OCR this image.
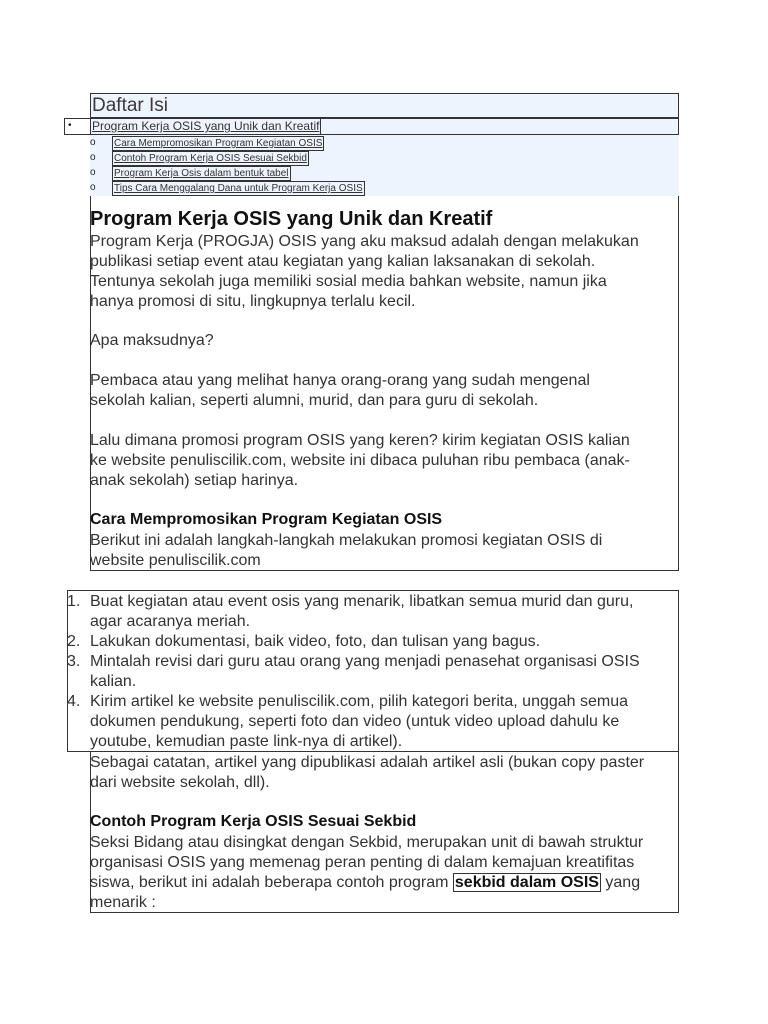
Daftar Isi
• Program Kerja OSIS yang Unik dan Kreatif
o Cara Mempromosikan Program Kegiatan OSIS
o Contoh Program Kerja OSIS Sesuai Sekbid
o Program Kerja Osis dalam bentuk tabel
o Tips Cara Menggalang Dana untuk Program Kerja OSIS
Program Kerja OSIS yang Unik dan Kreatif
Program Kerja (PROGJA) OSIS yang aku maksud adalah dengan melakukan
publikasi setiap event atau kegiatan yang kalian laksanakan di sekolah.
Tentunya sekolah juga memiliki sosial media bahkan website, namun jika
hanya promosi di situ, lingkupnya terlalu kecil.
Apa maksudnya?
Pembaca atau yang melihat hanya orang-orang yang sudah mengenal
sekolah kalian, seperti alumni, murid, dan para guru di sekolah.
Lalu dimana promosi program OSIS yang keren? kirim kegiatan OSIS kalian
ke website penuliscilik.com, website ini dibaca puluhan ribu pembaca (anak-
anak sekolah) setiap harinya.
Cara Mempromosikan Program Kegiatan OSIS
Berikut ini adalah langkah-langkah melakukan promosi kegiatan OSIS di
website penuliscilik.com
1. Buat kegiatan atau event osis yang menarik, libatkan semua murid dan guru,
agar acaranya meriah.
2. Lakukan dokumentasi, baik video, foto, dan tulisan yang bagus.
3. Mintalah revisi dari guru atau orang yang menjadi penasehat organisasi OSIS
kalian.
4. Kirim artikel ke website penuliscilik.com, pilih kategori berita, unggah semua
dokumen pendukung, seperti foto dan video (untuk video upload dahulu ke
youtube, kemudian paste link-nya di artikel).
Sebagai catatan, artikel yang dipublikasi adalah artikel asli (bukan copy paster
dari website sekolah, dll).
Contoh Program Kerja OSIS Sesuai Sekbid
Seksi Bidang atau disingkat dengan Sekbid, merupakan unit di bawah struktur
organisasi OSIS yang memenag peran penting di dalam kemajuan kreatifitas
siswa, berikut ini adalah beberapa contoh program sekbid dalam OSIS yang
menarik :
